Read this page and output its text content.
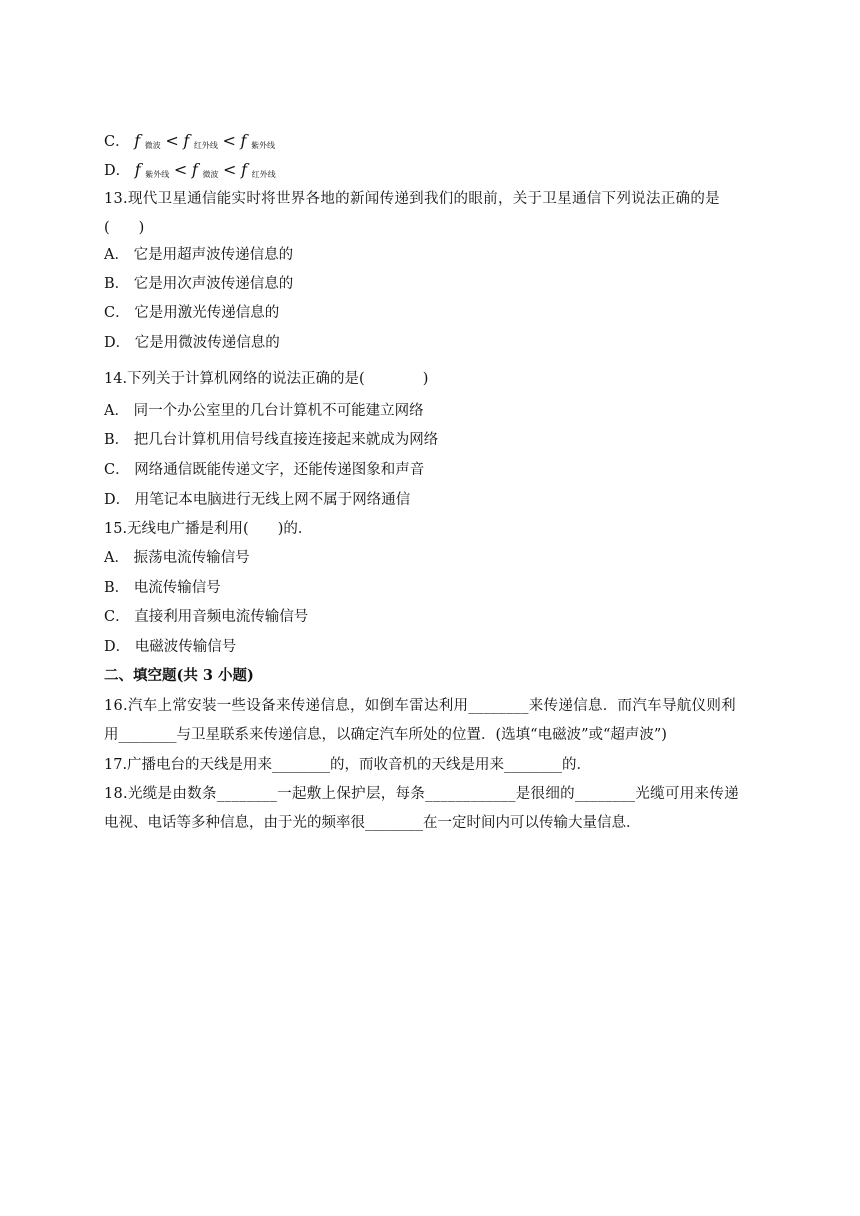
C． f $_{微波}$ < f $_{红外线}$ < f $_{紫外线}$
D． f $_{紫外线}$ < f $_{微波}$ < f $_{红外线}$
13.现代卫星通信能实时将世界各地的新闻传递到我们的眼前，关于卫星通信下列说法正确的是
(　　)
A． 它是用超声波传递信息的
B． 它是用次声波传递信息的
C． 它是用激光传递信息的
D． 它是用微波传递信息的
14.下列关于计算机网络的说法正确的是(　　　　)
A． 同一个办公室里的几台计算机不可能建立网络
B． 把几台计算机用信号线直接连接起来就成为网络
C． 网络通信既能传递文字，还能传递图象和声音
D． 用笔记本电脑进行无线上网不属于网络通信
15.无线电广播是利用(　　)的．
A． 振荡电流传输信号
B． 电流传输信号
C． 直接利用音频电流传输信号
D． 电磁波传输信号
二、填空题(共 3 小题)
16.汽车上常安装一些设备来传递信息，如倒车雷达利用________来传递信息．而汽车导航仪则利
用________与卫星联系来传递信息，以确定汽车所处的位置．(选填“电磁波”或“超声波”)
17.广播电台的天线是用来________的，而收音机的天线是用来________的．
18.光缆是由数条________一起敷上保护层，每条____________是很细的________光缆可用来传递
电视、电话等多种信息，由于光的频率很________在一定时间内可以传输大量信息．
